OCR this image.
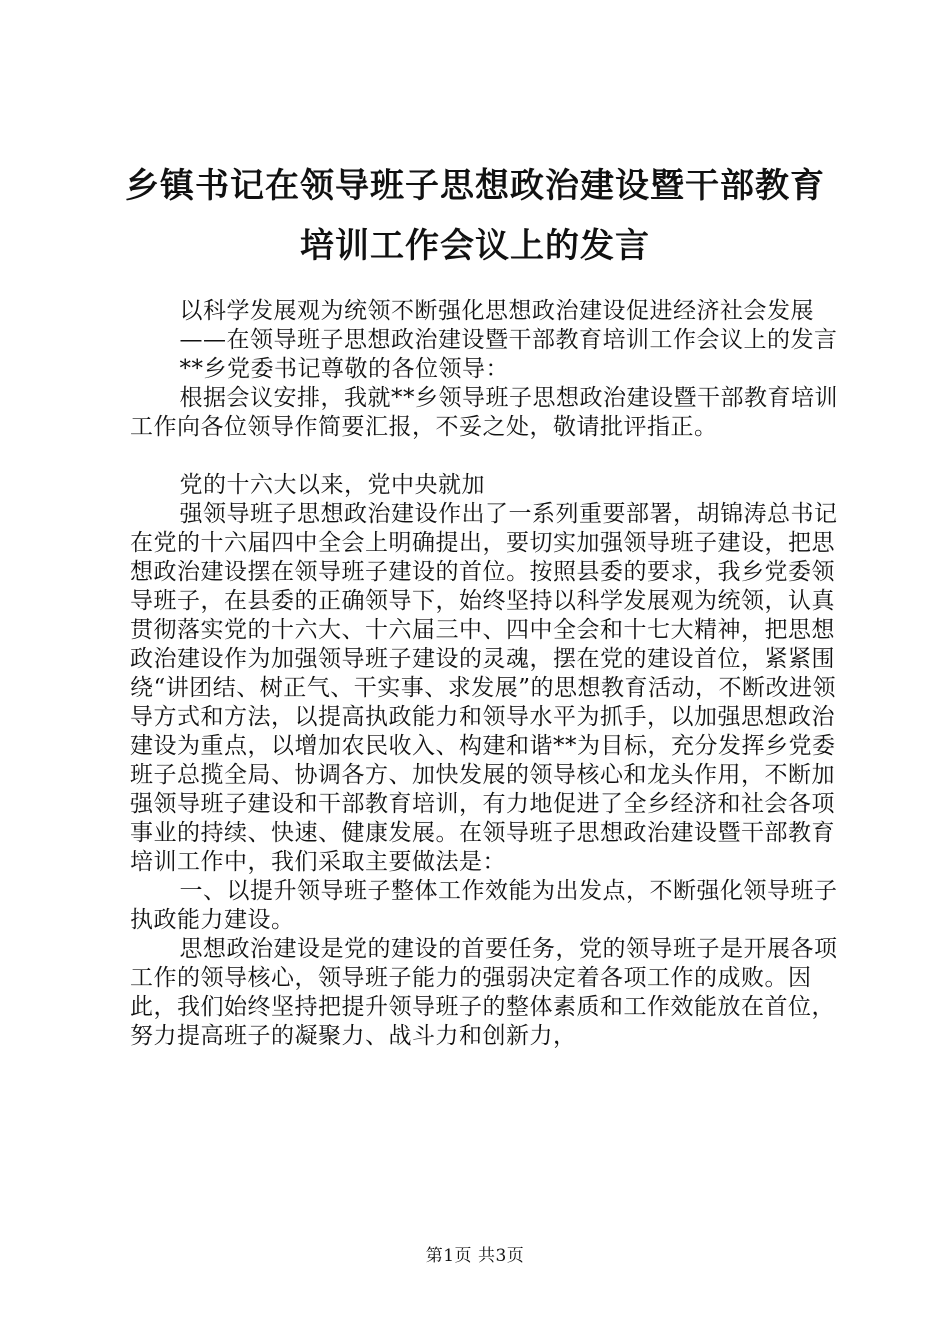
乡镇书记在领导班子思想政治建设暨干部教育
培训工作会议上的发言

以科学发展观为统领不断强化思想政治建设促进经济社会发展

——在领导班子思想政治建设暨干部教育培训工作会议上的发言

**乡党委书记尊敬的各位领导：

根据会议安排，我就**乡领导班子思想政治建设暨干部教育培训工作向各位领导作简要汇报，不妥之处，敬请批评指正。

党的十六大以来，党中央就加

强领导班子思想政治建设作出了一系列重要部署，胡锦涛总书记在党的十六届四中全会上明确提出，要切实加强领导班子建设，把思想政治建设摆在领导班子建设的首位。按照县委的要求，我乡党委领导班子，在县委的正确领导下，始终坚持以科学发展观为统领，认真贯彻落实党的十六大、十六届三中、四中全会和十七大精神，把思想政治建设作为加强领导班子建设的灵魂，摆在党的建设首位，紧紧围绕“讲团结、树正气、干实事、求发展”的思想教育活动，不断改进领导方式和方法，以提高执政能力和领导水平为抓手，以加强思想政治建设为重点，以增加农民收入、构建和谐**为目标，充分发挥乡党委班子总揽全局、协调各方、加快发展的领导核心和龙头作用，不断加强领导班子建设和干部教育培训，有力地促进了全乡经济和社会各项事业的持续、快速、健康发展。在领导班子思想政治建设暨干部教育培训工作中，我们采取主要做法是：

一、以提升领导班子整体工作效能为出发点，不断强化领导班子执政能力建设。

思想政治建设是党的建设的首要任务，党的领导班子是开展各项工作的领导核心，领导班子能力的强弱决定着各项工作的成败。因此，我们始终坚持把提升领导班子的整体素质和工作效能放在首位，努力提高班子的凝聚力、战斗力和创新力，

第1页 共3页
